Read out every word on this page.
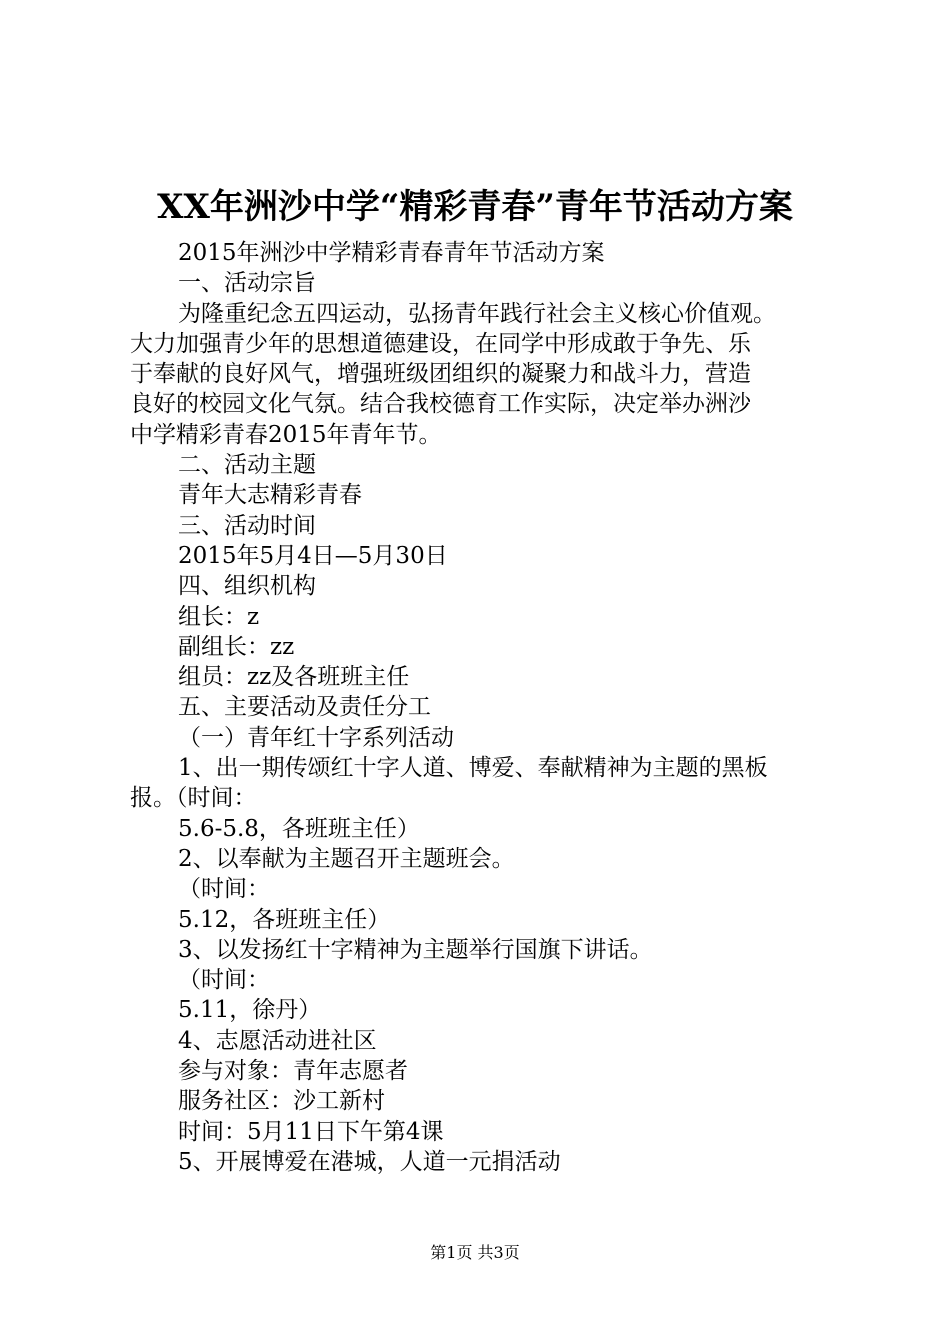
XX年洲沙中学“精彩青春”青年节活动方案
2015年洲沙中学精彩青春青年节活动方案
一、活动宗旨
为隆重纪念五四运动，弘扬青年践行社会主义核心价值观。
大力加强青少年的思想道德建设，在同学中形成敢于争先、乐
于奉献的良好风气，增强班级团组织的凝聚力和战斗力，营造
良好的校园文化气氛。结合我校德育工作实际，决定举办洲沙
中学精彩青春2015年青年节。
二、活动主题
青年大志精彩青春
三、活动时间
2015年5月4日—5月30日
四、组织机构
组长：z
副组长：zz
组员：zz及各班班主任
五、主要活动及责任分工
（一）青年红十字系列活动
1、出一期传颂红十字人道、博爱、奉献精神为主题的黑板
报。（时间：
5.6-5.8，各班班主任）
2、以奉献为主题召开主题班会。
（时间：
5.12，各班班主任）
3、以发扬红十字精神为主题举行国旗下讲话。
（时间：
5.11，徐丹）
4、志愿活动进社区
参与对象：青年志愿者
服务社区：沙工新村
时间：5月11日下午第4课
5、开展博爱在港城，人道一元捐活动
第1页 共3页
